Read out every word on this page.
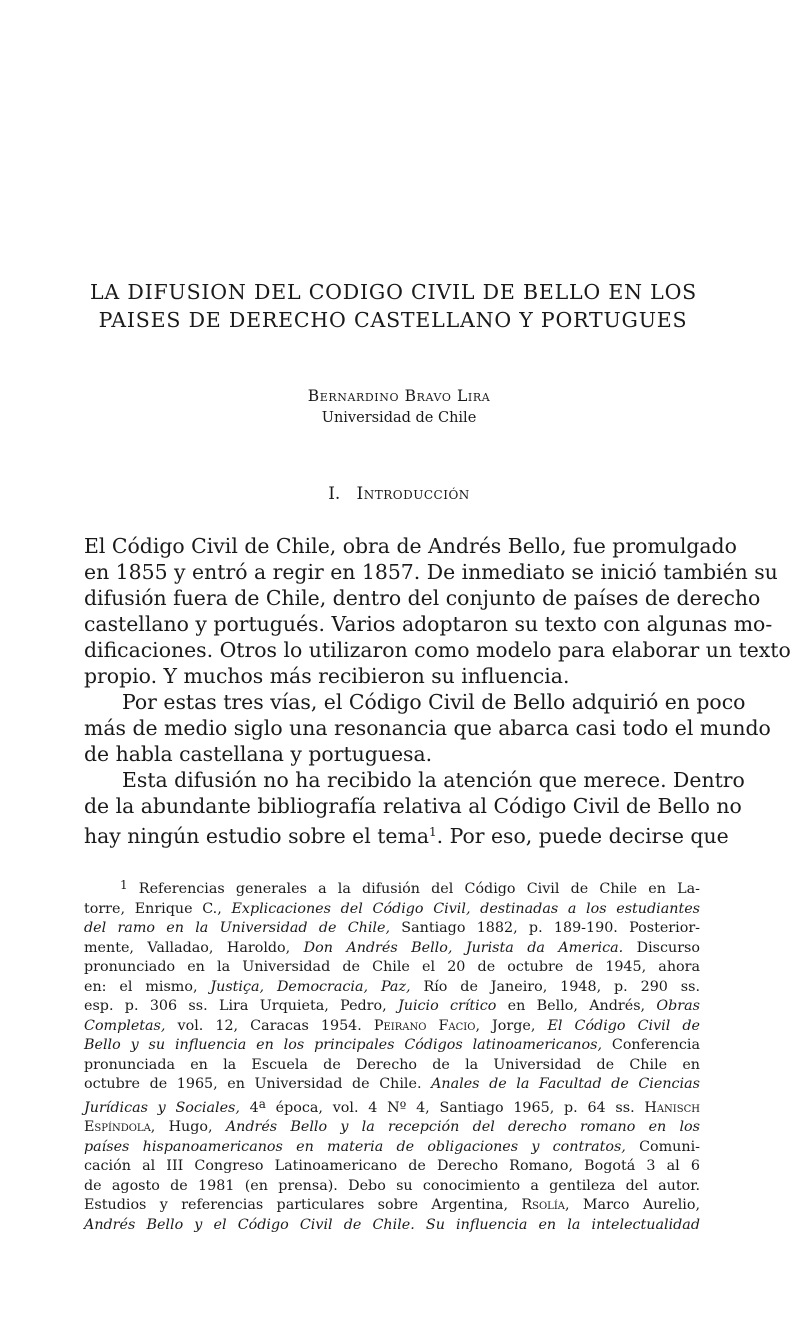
LA DIFUSION DEL CODIGO CIVIL DE BELLO EN LOS
PAISES DE DERECHO CASTELLANO Y PORTUGUES
Bernardino Bravo Lira
Universidad de Chile
I. Introducción
El Código Civil de Chile, obra de Andrés Bello, fue promulgado
en 1855 y entró a regir en 1857. De inmediato se inició también su
difusión fuera de Chile, dentro del conjunto de países de derecho
castellano y portugués. Varios adoptaron su texto con algunas mo-
dificaciones. Otros lo utilizaron como modelo para elaborar un texto
propio. Y muchos más recibieron su influencia.
Por estas tres vías, el Código Civil de Bello adquirió en poco
más de medio siglo una resonancia que abarca casi todo el mundo
de habla castellana y portuguesa.
Esta difusión no ha recibido la atención que merece. Dentro
de la abundante bibliografía relativa al Código Civil de Bello no
hay ningún estudio sobre el tema$^1$. Por eso, puede decirse que
$^1$ Referencias generales a la difusión del Código Civil de Chile en La-
torre, Enrique C., Explicaciones del Código Civil, destinadas a los estudiantes
del ramo en la Universidad de Chile, Santiago 1882, p. 189-190. Posterior-
mente, Valladao, Haroldo, Don Andrés Bello, Jurista da America. Discurso
pronunciado en la Universidad de Chile el 20 de octubre de 1945, ahora
en: el mismo, Justiça, Democracia, Paz, Río de Janeiro, 1948, p. 290 ss.
esp. p. 306 ss. Lira Urquieta, Pedro, Juicio crítico en Bello, Andrés, Obras
Completas, vol. 12, Caracas 1954. Peirano Facio, Jorge, El Código Civil de
Bello y su influencia en los principales Códigos latinoamericanos, Conferencia
pronunciada en la Escuela de Derecho de la Universidad de Chile en
octubre de 1965, en Universidad de Chile. Anales de la Facultad de Ciencias
Jurídicas y Sociales, 4$^a$ época, vol. 4 Nº 4, Santiago 1965, p. 64 ss. Hanisch
Espíndola, Hugo, Andrés Bello y la recepción del derecho romano en los
países hispanoamericanos en materia de obligaciones y contratos, Comuni-
cación al III Congreso Latinoamericano de Derecho Romano, Bogotá 3 al 6
de agosto de 1981 (en prensa). Debo su conocimiento a gentileza del autor.
Estudios y referencias particulares sobre Argentina, Rsolía, Marco Aurelio,
Andrés Bello y el Código Civil de Chile. Su influencia en la intelectualidad
